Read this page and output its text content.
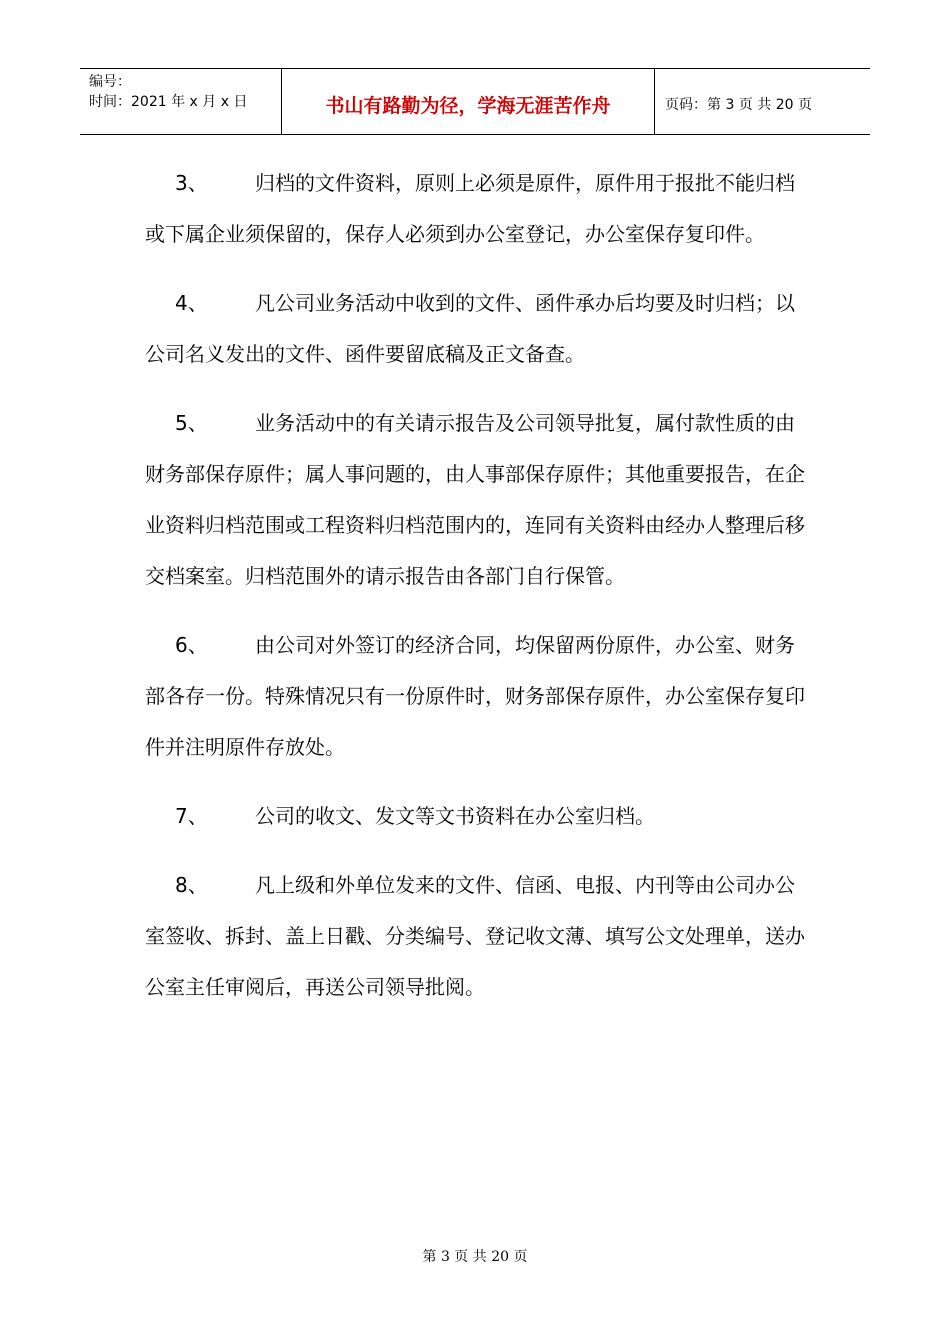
编号：
时间：2021 年 x 月 x 日	书山有路勤为径，学海无涯苦作舟	页码：第 3 页 共 20 页
3、 归档的文件资料，原则上必须是原件，原件用于报批不能归档或下属企业须保留的，保存人必须到办公室登记，办公室保存复印件。
4、 凡公司业务活动中收到的文件、函件承办后均要及时归档；以公司名义发出的文件、函件要留底稿及正文备查。
5、 业务活动中的有关请示报告及公司领导批复，属付款性质的由财务部保存原件；属人事问题的，由人事部保存原件；其他重要报告，在企业资料归档范围或工程资料归档范围内的，连同有关资料由经办人整理后移交档案室。归档范围外的请示报告由各部门自行保管。
6、 由公司对外签订的经济合同，均保留两份原件，办公室、财务部各存一份。特殊情况只有一份原件时，财务部保存原件，办公室保存复印件并注明原件存放处。
7、 公司的收文、发文等文书资料在办公室归档。
8、 凡上级和外单位发来的文件、信函、电报、内刊等由公司办公室签收、拆封、盖上日戳、分类编号、登记收文薄、填写公文处理单，送办公室主任审阅后，再送公司领导批阅。
第 3 页 共 20 页
